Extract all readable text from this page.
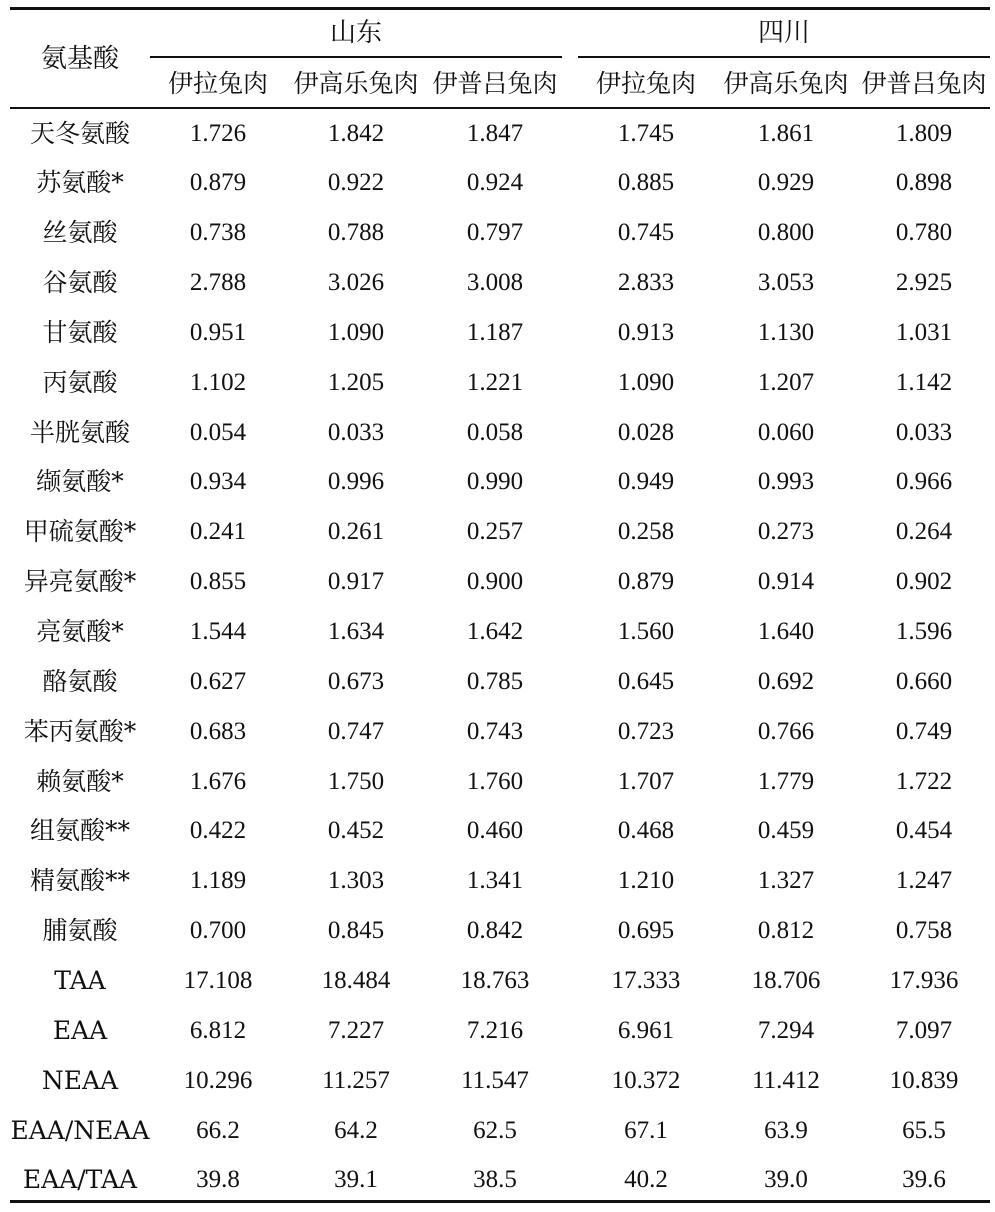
氨基酸
山东	四川
伊拉兔肉	伊高乐兔肉 伊普吕兔肉	伊拉兔肉	伊高乐兔肉 伊普吕兔肉
天冬氨酸	1.726	1.842	1.847	1.745	1.861	1.809
苏氨酸*	0.879	0.922	0.924	0.885	0.929	0.898
丝氨酸	0.738	0.788	0.797	0.745	0.800	0.780
谷氨酸	2.788	3.026	3.008	2.833	3.053	2.925
甘氨酸	0.951	1.090	1.187	0.913	1.130	1.031
丙氨酸	1.102	1.205	1.221	1.090	1.207	1.142
半胱氨酸	0.054	0.033	0.058	0.028	0.060	0.033
缬氨酸*	0.934	0.996	0.990	0.949	0.993	0.966
甲硫氨酸*	0.241	0.261	0.257	0.258	0.273	0.264
异亮氨酸*	0.855	0.917	0.900	0.879	0.914	0.902
亮氨酸*	1.544	1.634	1.642	1.560	1.640	1.596
酪氨酸	0.627	0.673	0.785	0.645	0.692	0.660
苯丙氨酸*	0.683	0.747	0.743	0.723	0.766	0.749
赖氨酸*	1.676	1.750	1.760	1.707	1.779	1.722
组氨酸**	0.422	0.452	0.460	0.468	0.459	0.454
精氨酸**	1.189	1.303	1.341	1.210	1.327	1.247
脯氨酸	0.700	0.845	0.842	0.695	0.812	0.758
TAA	17.108	18.484	18.763	17.333	18.706	17.936
EAA	6.812	7.227	7.216	6.961	7.294	7.097
NEAA	10.296	11.257	11.547	10.372	11.412	10.839
EAA/NEAA	66.2	64.2	62.5	67.1	63.9	65.5
EAA/TAA	39.8	39.1	38.5	40.2	39.0	39.6
